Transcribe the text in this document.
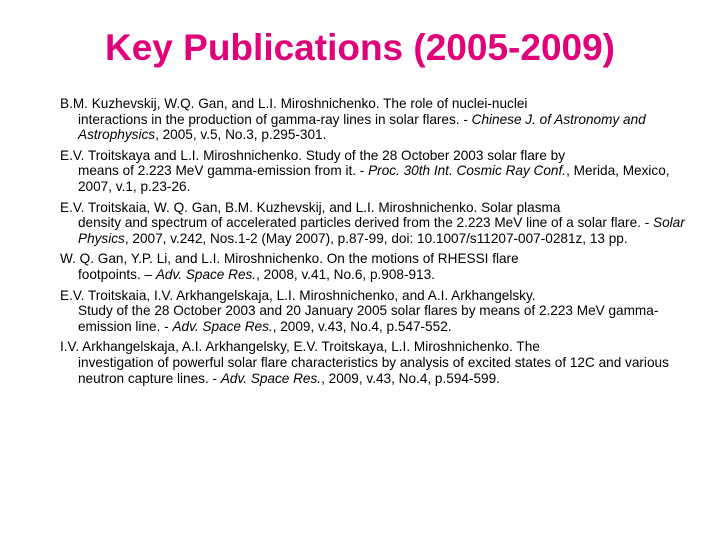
Key Publications (2005-2009)
B.M. Kuzhevskij, W.Q. Gan, and L.I. Miroshnichenko. The role of nuclei-nuclei
interactions in the production of gamma-ray lines in solar flares. - Chinese J. of Astronomy and Astrophysics, 2005, v.5, No.3, p.295-301.
E.V. Troitskaya and L.I. Miroshnichenko. Study of the 28 October 2003 solar flare by
means of 2.223 MeV gamma-emission from it. - Proc. 30th Int. Cosmic Ray Conf., Merida, Mexico, 2007, v.1, p.23-26.
E.V. Troitskaia, W. Q. Gan, B.M. Kuzhevskij, and L.I. Miroshnichenko. Solar plasma
density and spectrum of accelerated particles derived from the 2.223 MeV line of a solar flare. - Solar Physics, 2007, v.242, Nos.1-2 (May 2007), p.87-99, doi: 10.1007/s11207-007-0281z, 13 pp.
W. Q. Gan, Y.P. Li, and L.I. Miroshnichenko. On the motions of RHESSI flare
footpoints. – Adv. Space Res., 2008, v.41, No.6, p.908-913.
E.V. Troitskaia, I.V. Arkhangelskaja, L.I. Miroshnichenko, and A.I. Arkhangelsky.
Study of the 28 October 2003 and 20 January 2005 solar flares by means of 2.223 MeV gamma-emission line. - Adv. Space Res., 2009, v.43, No.4, p.547-552.
I.V. Arkhangelskaja, A.I. Arkhangelsky, E.V. Troitskaya, L.I. Miroshnichenko. The
investigation of powerful solar flare characteristics by analysis of excited states of 12C and various neutron capture lines. - Adv. Space Res., 2009, v.43, No.4, p.594-599.
